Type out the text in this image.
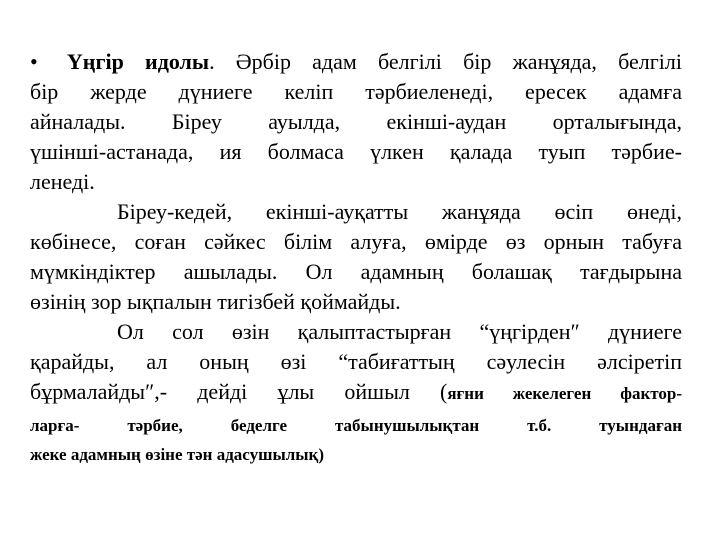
• Үңгір идолы. Әрбір адам белгілі бір жанұяда, белгілі
бір жерде дүниеге келіп тәрбиеленеді, ересек адамға
айналады. Біреу ауылда, екінші-аудан орталығында,
үшінші-астанада, ия болмаса үлкен қалада туып тәрбие-
ленеді.
Біреу-кедей, екінші-ауқатты жанұяда өсіп өнеді,
көбінесе, соған сәйкес білім алуға, өмірде өз орнын табуға
мүмкіндіктер ашылады. Ол адамның болашақ тағдырына
өзінің зор ықпалын тигізбей қоймайды.
Ол сол өзін қалыптастырған “үңгірден″ дүниеге
қарайды, ал оның өзі “табиғаттың сәулесін әлсіретіп
бұрмалайды″,- дейді ұлы ойшыл (яғни жекелеген фактор-
ларға- тәрбие, беделге табынушылықтан т.б. туындаған
жеке адамның өзіне тән адасушылық)
